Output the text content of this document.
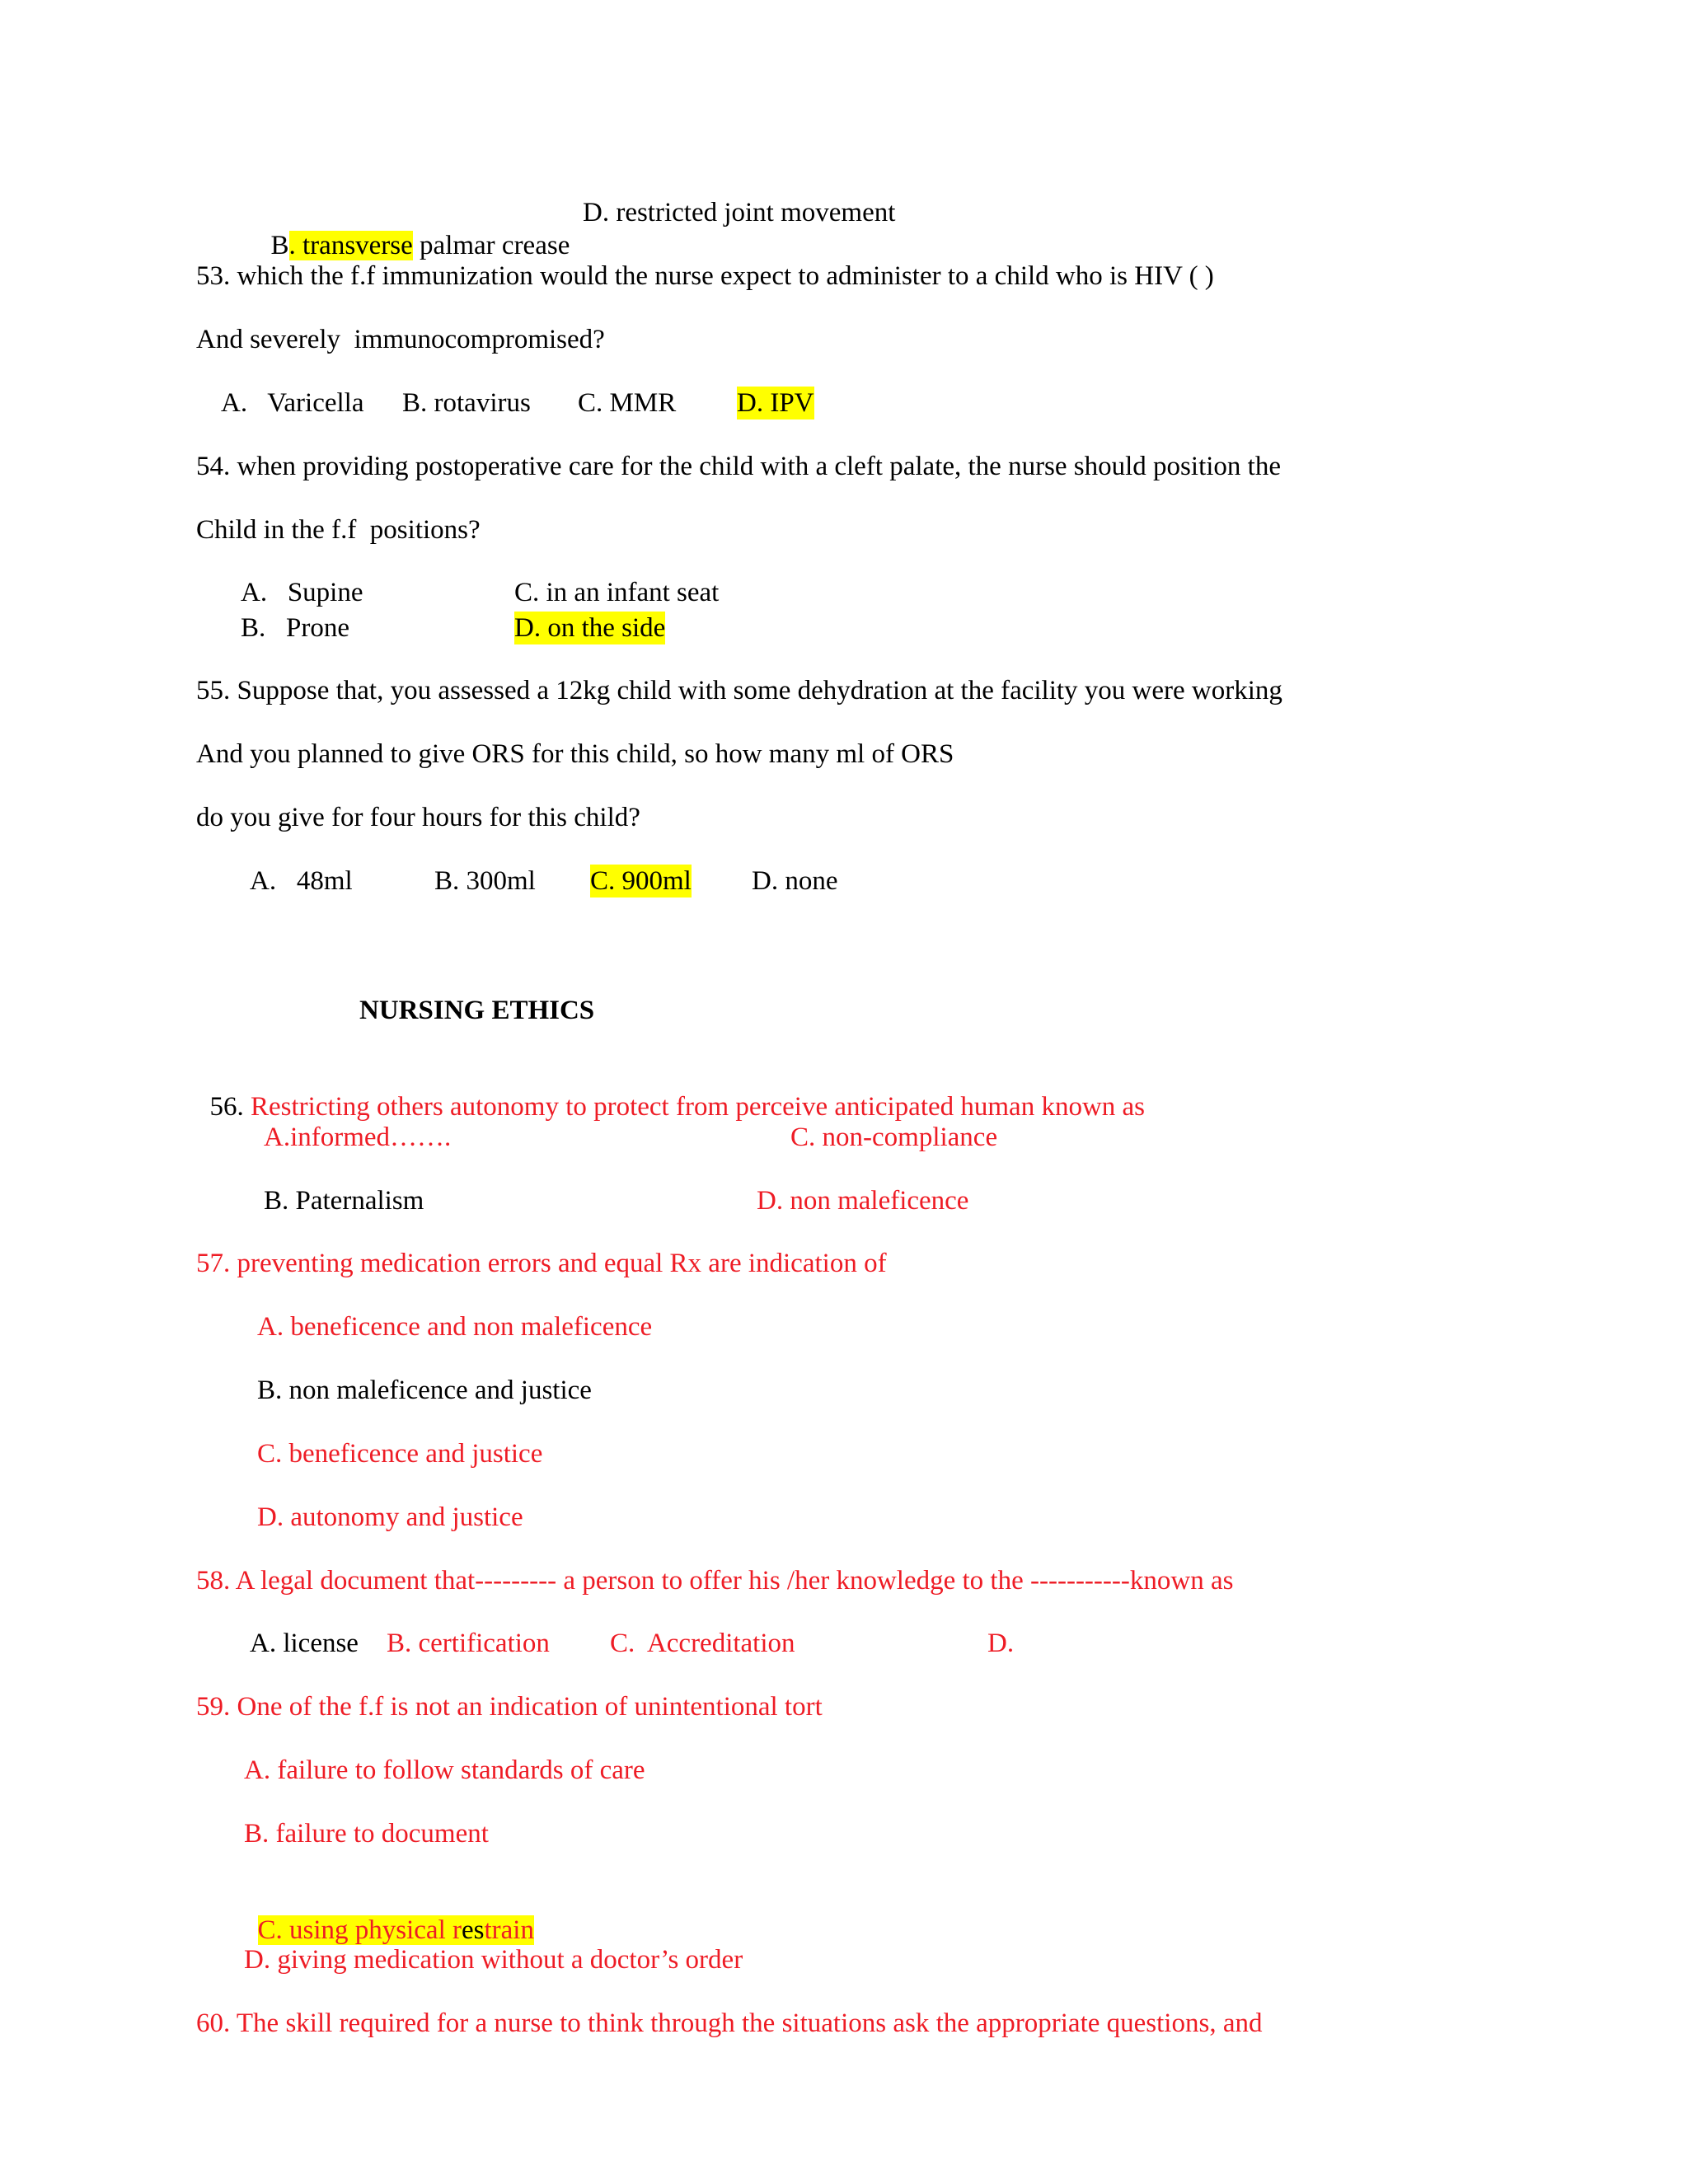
B. transverse palmar crease

D. restricted joint movement
53. which the f.f immunization would the nurse expect to administer to a child who is HIV ( )
And severely  immunocompromised?
A.   Varicella B. rotavirus C. MMR D. IPV
54. when providing postoperative care for the child with a cleft palate, the nurse should position the
Child in the f.f  positions?
A.   Supine	C. in an infant seat
B.   Prone	D. on the side
55. Suppose that, you assessed a 12kg child with some dehydration at the facility you were working
And you planned to give ORS for this child, so how many ml of ORS
do you give for four hours for this child?
A.   48ml	B. 300ml C. 900ml D. none
NURSING ETHICS

56. Restricting others autonomy to protect from perceive anticipated human known as

A.informed…….	C. non-compliance
B. Paternalism	D. non maleficence
57. preventing medication errors and equal Rx are indication of
A. beneficence and non maleficence
B. non maleficence and justice
C. beneficence and justice
D. autonomy and justice
58. A legal document that--------- a person to offer his /her knowledge to the -----------known as
A. license B. certification C.  Accreditation	D.
59. One of the f.f is not an indication of unintentional tort
A. failure to follow standards of care
B. failure to document

C. using physical restrain

D. giving medication without a doctor’s order
60. The skill required for a nurse to think through the situations ask the appropriate questions, and
